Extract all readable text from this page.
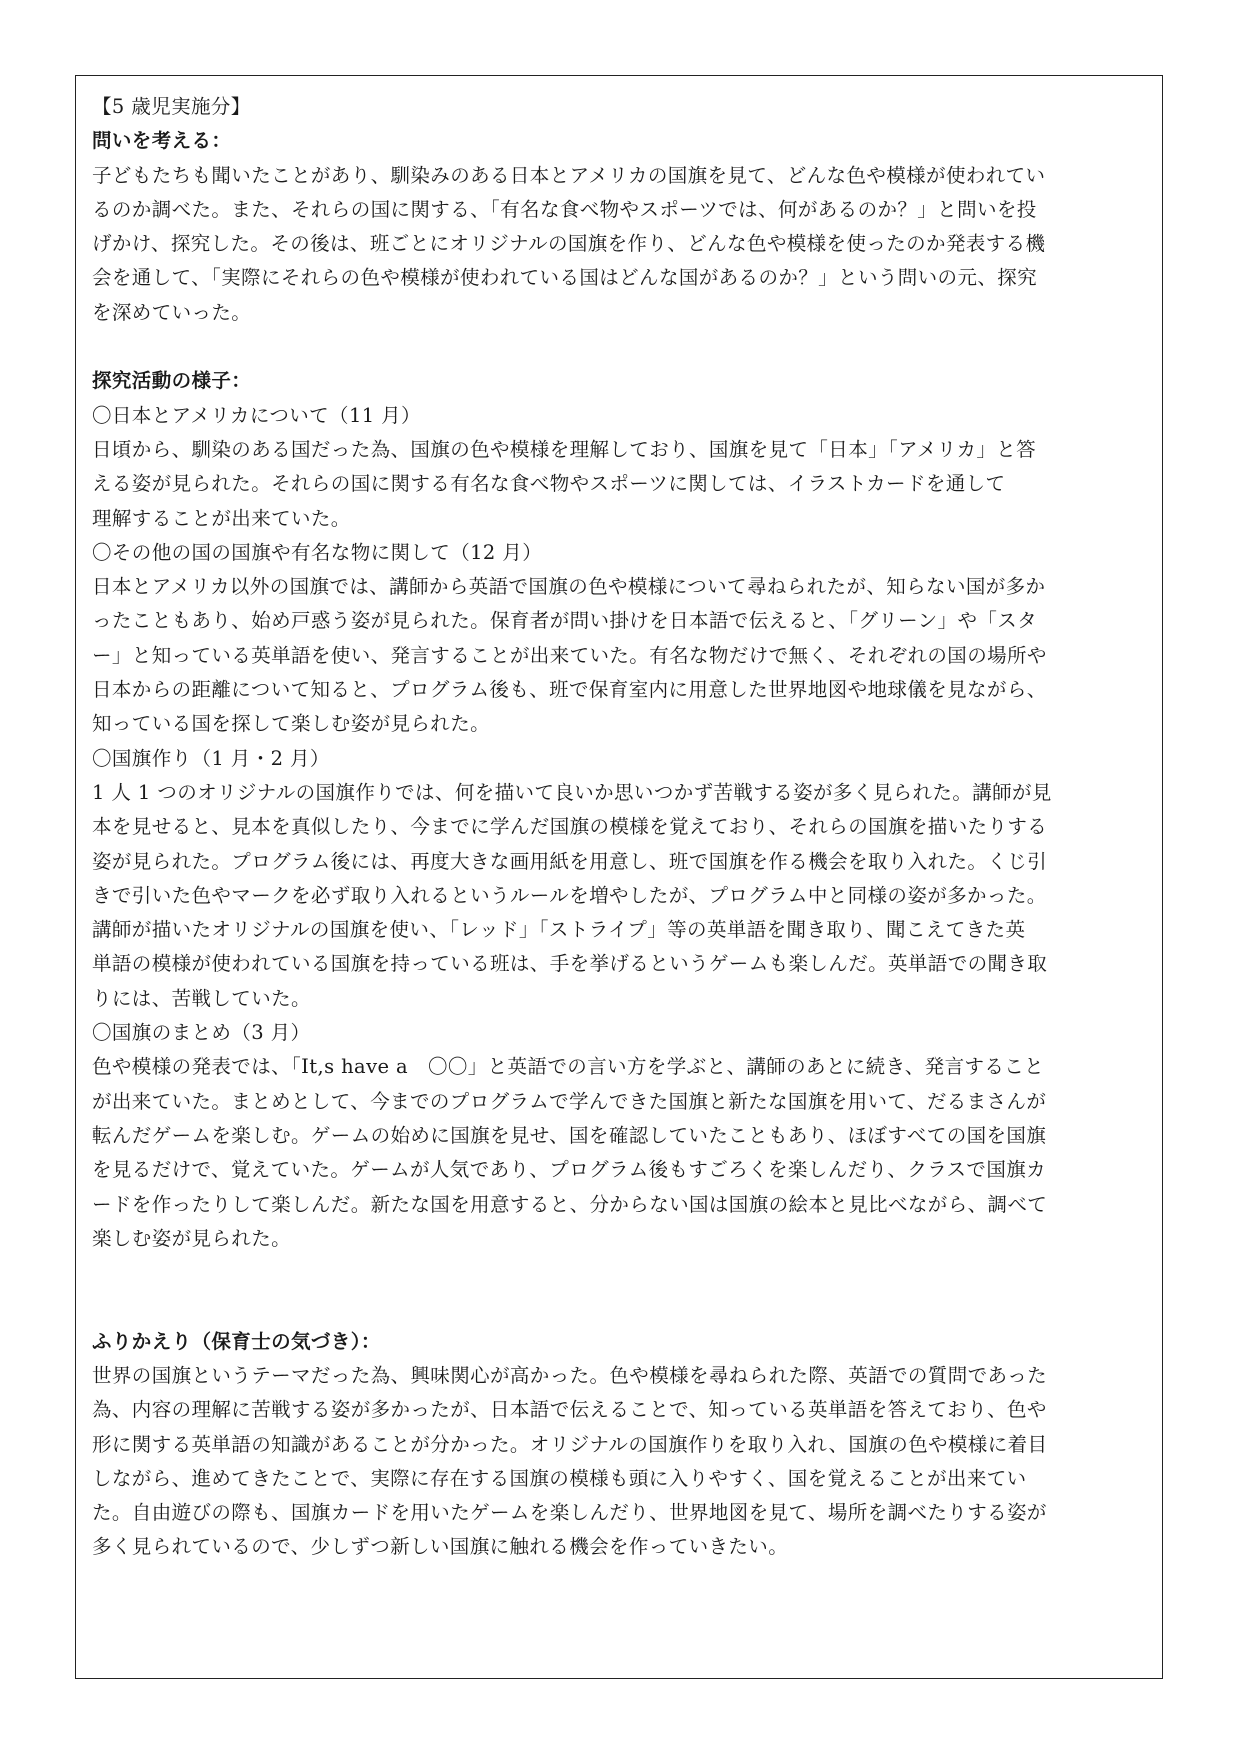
【5 歳児実施分】
問いを考える：
子どもたちも聞いたことがあり、馴染みのある日本とアメリカの国旗を見て、どんな色や模様が使われてい
るのか調べた。また、それらの国に関する、「有名な食べ物やスポーツでは、何があるのか？」と問いを投
げかけ、探究した。その後は、班ごとにオリジナルの国旗を作り、どんな色や模様を使ったのか発表する機
会を通して、「実際にそれらの色や模様が使われている国はどんな国があるのか？」という問いの元、探究
を深めていった。
探究活動の様子：
〇日本とアメリカについて（11 月）
日頃から、馴染のある国だった為、国旗の色や模様を理解しており、国旗を見て「日本」「アメリカ」と答
える姿が見られた。それらの国に関する有名な食べ物やスポーツに関しては、イラストカードを通して
理解することが出来ていた。
〇その他の国の国旗や有名な物に関して（12 月）
日本とアメリカ以外の国旗では、講師から英語で国旗の色や模様について尋ねられたが、知らない国が多か
ったこともあり、始め戸惑う姿が見られた。保育者が問い掛けを日本語で伝えると、「グリーン」や「スタ
ー」と知っている英単語を使い、発言することが出来ていた。有名な物だけで無く、それぞれの国の場所や
日本からの距離について知ると、プログラム後も、班で保育室内に用意した世界地図や地球儀を見ながら、
知っている国を探して楽しむ姿が見られた。
〇国旗作り（1 月・2 月）
1 人 1 つのオリジナルの国旗作りでは、何を描いて良いか思いつかず苦戦する姿が多く見られた。講師が見
本を見せると、見本を真似したり、今までに学んだ国旗の模様を覚えており、それらの国旗を描いたりする
姿が見られた。プログラム後には、再度大きな画用紙を用意し、班で国旗を作る機会を取り入れた。くじ引
きで引いた色やマークを必ず取り入れるというルールを増やしたが、プログラム中と同様の姿が多かった。
講師が描いたオリジナルの国旗を使い、「レッド」「ストライプ」等の英単語を聞き取り、聞こえてきた英
単語の模様が使われている国旗を持っている班は、手を挙げるというゲームも楽しんだ。英単語での聞き取
りには、苦戦していた。
〇国旗のまとめ（3 月）
色や模様の発表では、「It,s have a　〇〇」と英語での言い方を学ぶと、講師のあとに続き、発言すること
が出来ていた。まとめとして、今までのプログラムで学んできた国旗と新たな国旗を用いて、だるまさんが
転んだゲームを楽しむ。ゲームの始めに国旗を見せ、国を確認していたこともあり、ほぼすべての国を国旗
を見るだけで、覚えていた。ゲームが人気であり、プログラム後もすごろくを楽しんだり、クラスで国旗カ
ードを作ったりして楽しんだ。新たな国を用意すると、分からない国は国旗の絵本と見比べながら、調べて
楽しむ姿が見られた。
ふりかえり（保育士の気づき）：
世界の国旗というテーマだった為、興味関心が高かった。色や模様を尋ねられた際、英語での質問であった
為、内容の理解に苦戦する姿が多かったが、日本語で伝えることで、知っている英単語を答えており、色や
形に関する英単語の知識があることが分かった。オリジナルの国旗作りを取り入れ、国旗の色や模様に着目
しながら、進めてきたことで、実際に存在する国旗の模様も頭に入りやすく、国を覚えることが出来てい
た。自由遊びの際も、国旗カードを用いたゲームを楽しんだり、世界地図を見て、場所を調べたりする姿が
多く見られているので、少しずつ新しい国旗に触れる機会を作っていきたい。
